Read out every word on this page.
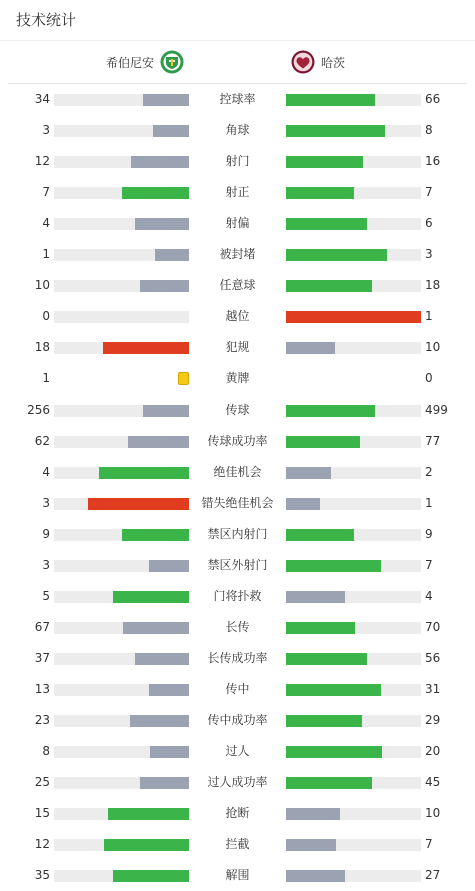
技术统计
希伯尼安	哈茨
34	控球率	66
3	角球	8
12	射门	16
7	射正	7
4	射偏	6
1	被封堵	3
10	任意球	18
0	越位	1
18	犯规	10
1	黄牌	0
256	传球	499
62	传球成功率	77
4	绝佳机会	2
3	错失绝佳机会	1
9	禁区内射门	9
3	禁区外射门	7
5	门将扑救	4
67	长传	70
37	长传成功率	56
13	传中	31
23	传中成功率	29
8	过人	20
25	过人成功率	45
15	抢断	10
12	拦截	7
35	解围	27
